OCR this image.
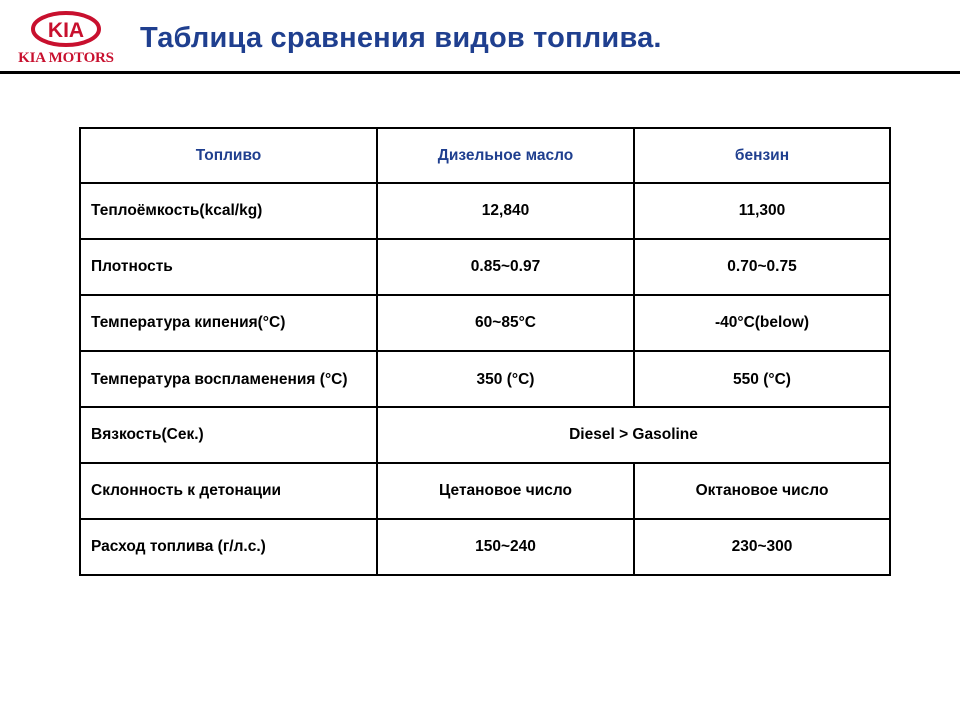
KIA
KIA MOTORS
Таблица сравнения видов топлива.
Топливо	Дизельное масло	бензин
Теплоёмкость(kcal/kg)	12,840	11,300
Плотность	0.85~0.97	0.70~0.75
Температура кипения(°C)	60~85°C	-40°C(below)
Температура воспламенения (°C)	350 (°C)	550 (°C)
Вязкость(Сек.)	Diesel > Gasoline	
Склонность к детонации	Цетановое число	Октановое число
Расход топлива (г/л.с.)	150~240	230~300
